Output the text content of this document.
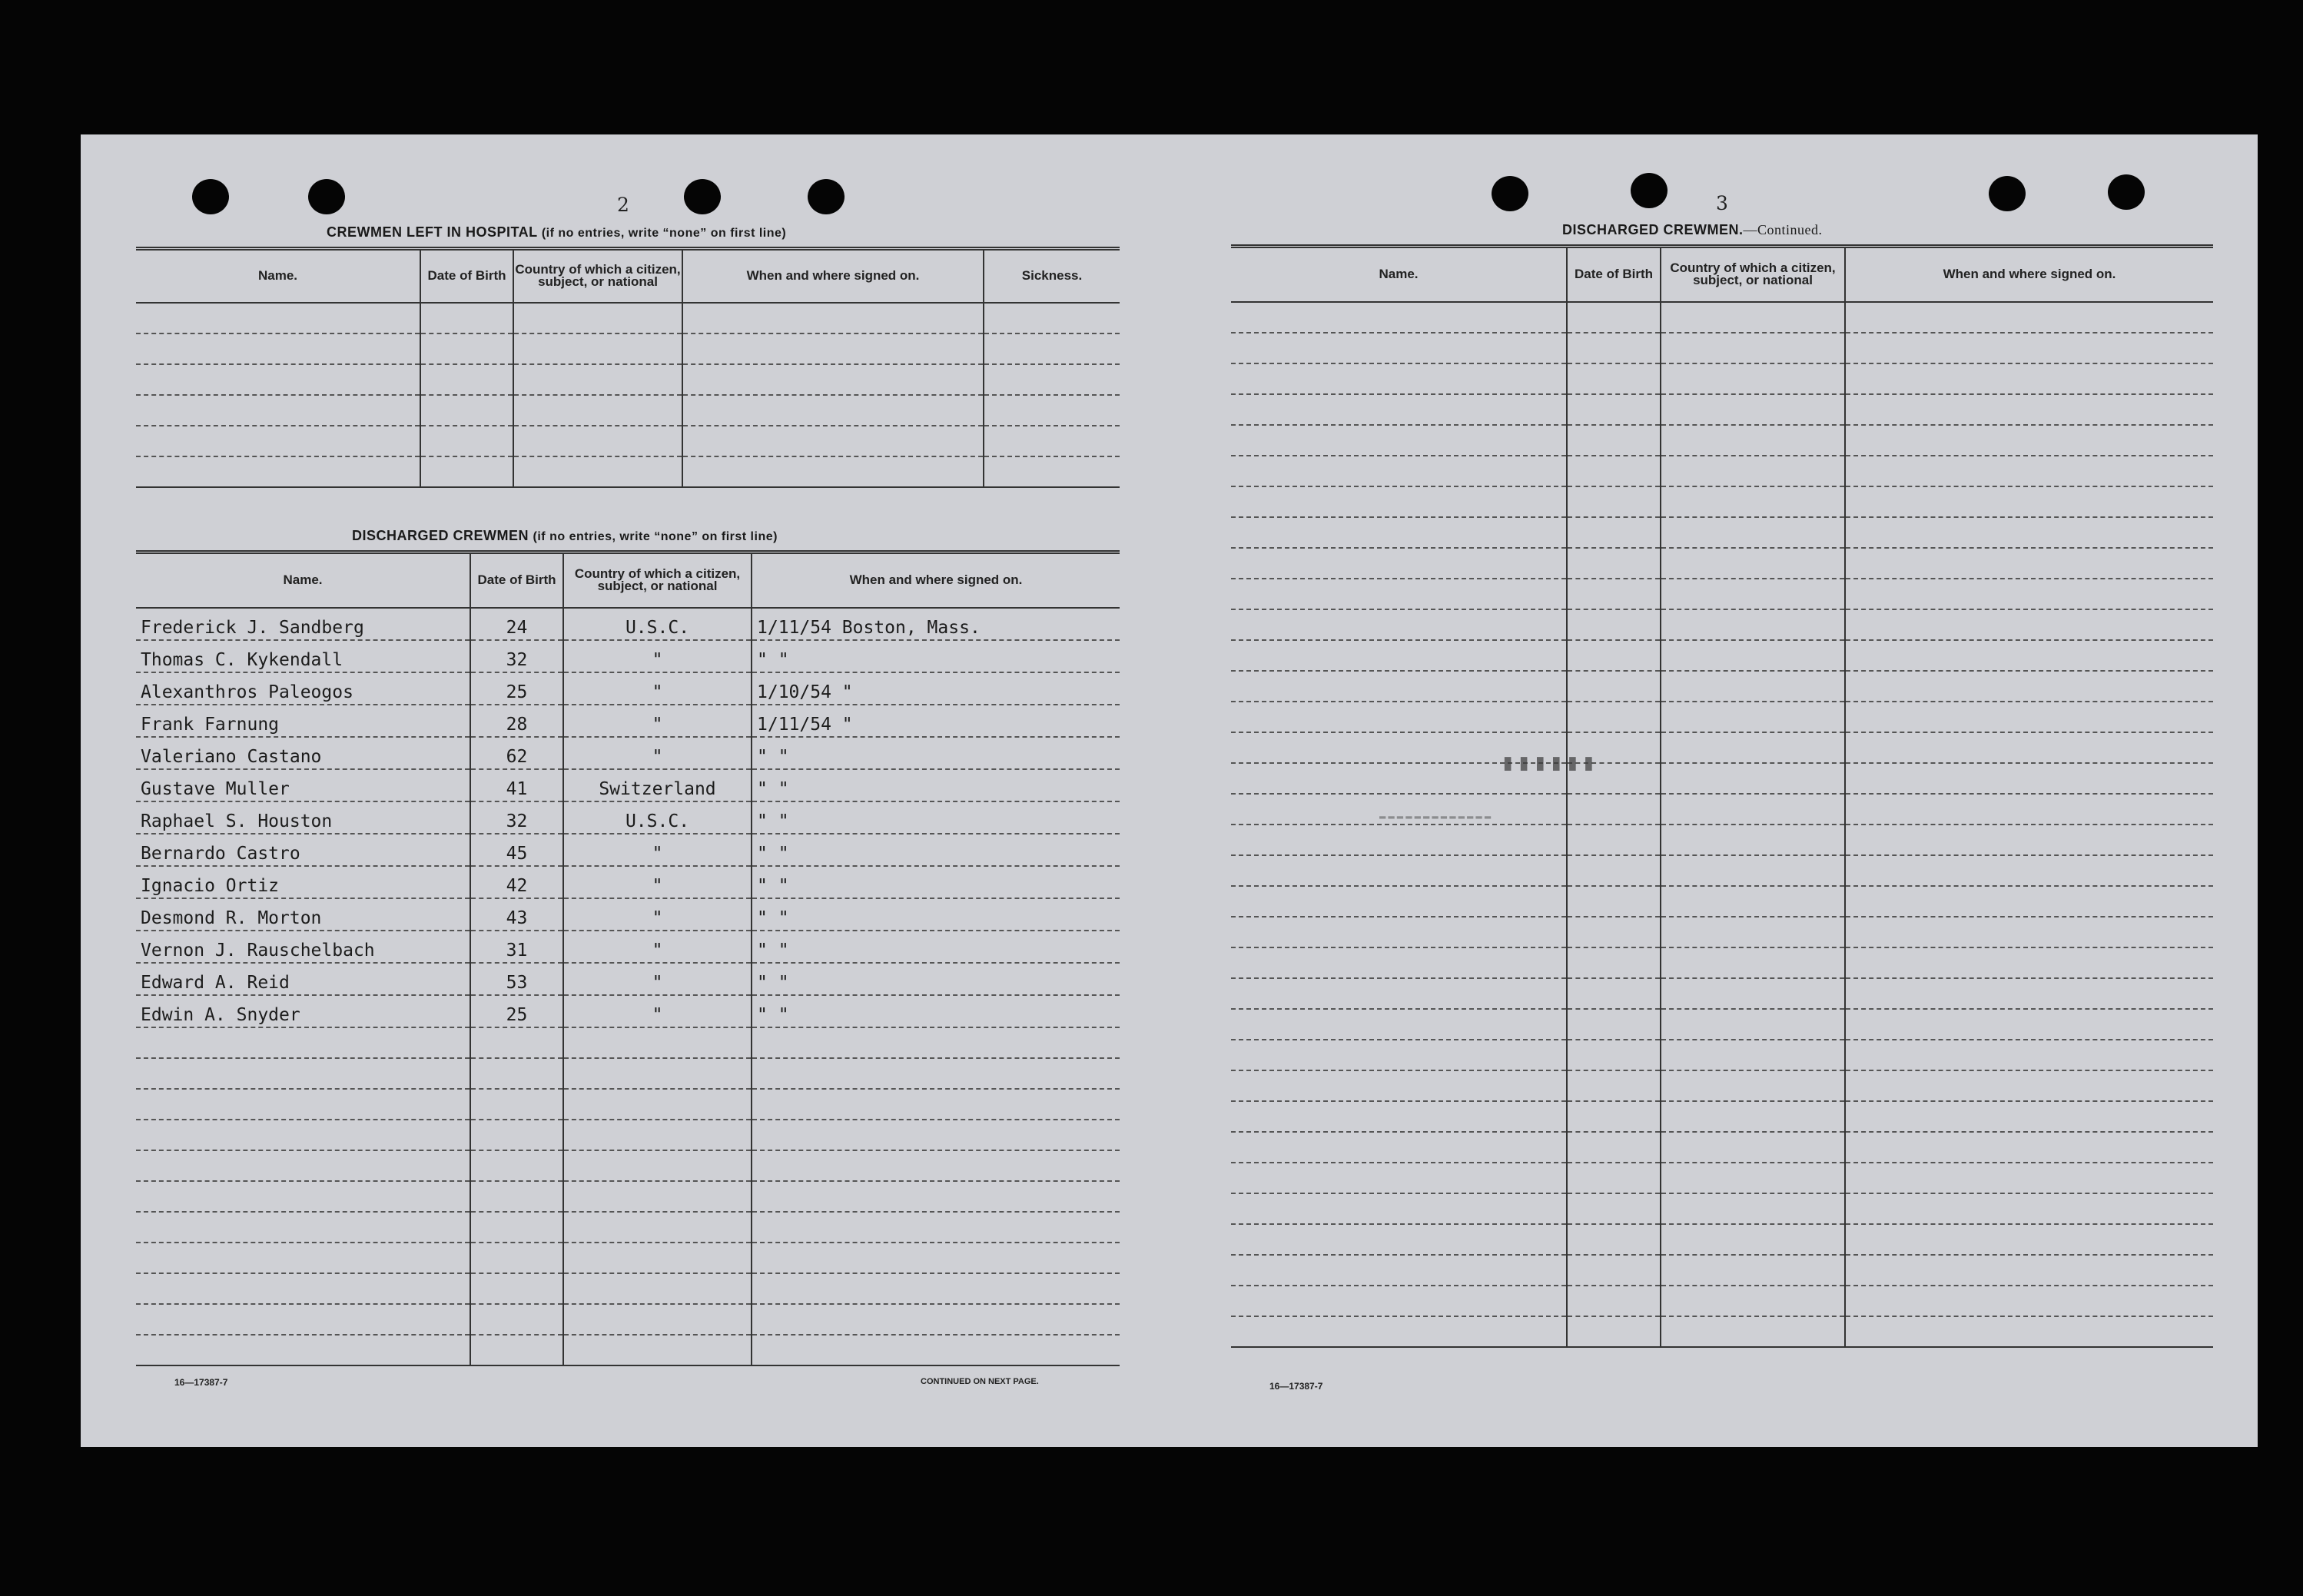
2
CREWMEN LEFT IN HOSPITAL (if no entries, write “none” on first line)
Name.	Date of Birth	Country of which a citizen, subject, or national	When and where signed on.	Sickness.

DISCHARGED CREWMEN (if no entries, write “none” on first line)
Name.	Date of Birth	Country of which a citizen, subject, or national	When and where signed on.
Frederick J. Sandberg	24	U.S.C.	1/11/54 Boston, Mass.
Thomas C. Kykendall	32	"	" "
Alexanthros Paleogos	25	"	1/10/54 "
Frank Farnung	28	"	1/11/54 "
Valeriano Castano	62	"	" "
Gustave Muller	41	Switzerland	" "
Raphael S. Houston	32	U.S.C.	" "
Bernardo Castro	45	"	" "
Ignacio Ortiz	42	"	" "
Desmond R. Morton	43	"	" "
Vernon J. Rauschelbach	31	"	" "
Edward A. Reid	53	"	" "
Edwin A. Snyder	25	"	" "

16—17387-7	CONTINUED ON NEXT PAGE.
3
DISCHARGED CREWMEN.—Continued.
Name.	Date of Birth	Country of which a citizen, subject, or national	When and where signed on.

▮▮▮▮▮▮
▬▬▬▬▬▬▬▬▬▬▬▬▬
16—17387-7
